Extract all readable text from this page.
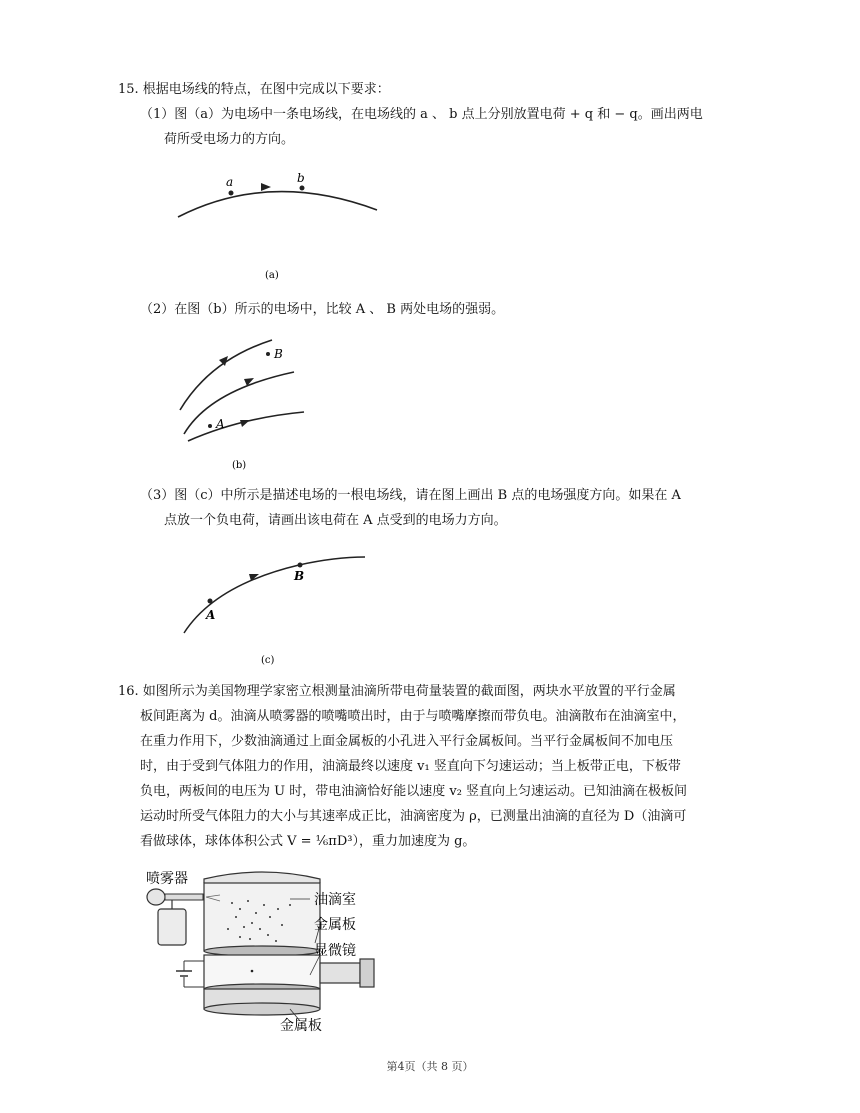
15. 根据电场线的特点，在图中完成以下要求：
（1）图（a）为电场中一条电场线，在电场线的 a 、 b 点上分别放置电荷 + q 和 − q。画出两电
荷所受电场力的方向。
a	b
(a)
（2）在图（b）所示的电场中，比较 A 、 B 两处电场的强弱。
B
A
(b)
（3）图（c）中所示是描述电场的一根电场线，请在图上画出 B 点的电场强度方向。如果在 A
点放一个负电荷，请画出该电荷在 A 点受到的电场力方向。
A
B
(c)
16. 如图所示为美国物理学家密立根测量油滴所带电荷量装置的截面图，两块水平放置的平行金属
板间距离为 d。油滴从喷雾器的喷嘴喷出时，由于与喷嘴摩擦而带负电。油滴散布在油滴室中，
在重力作用下，少数油滴通过上面金属板的小孔进入平行金属板间。当平行金属板间不加电压
时，由于受到气体阻力的作用，油滴最终以速度 v₁ 竖直向下匀速运动；当上板带正电，下板带
负电，两板间的电压为 U 时，带电油滴恰好能以速度 v₂ 竖直向上匀速运动。已知油滴在极板间
运动时所受气体阻力的大小与其速率成正比，油滴密度为 ρ，已测量出油滴的直径为 D（油滴可
看做球体，球体体积公式 V = ⅙πD³），重力加速度为 g。
喷雾器
油滴室
金属板
显微镜
金属板
第4页（共 8 页）
